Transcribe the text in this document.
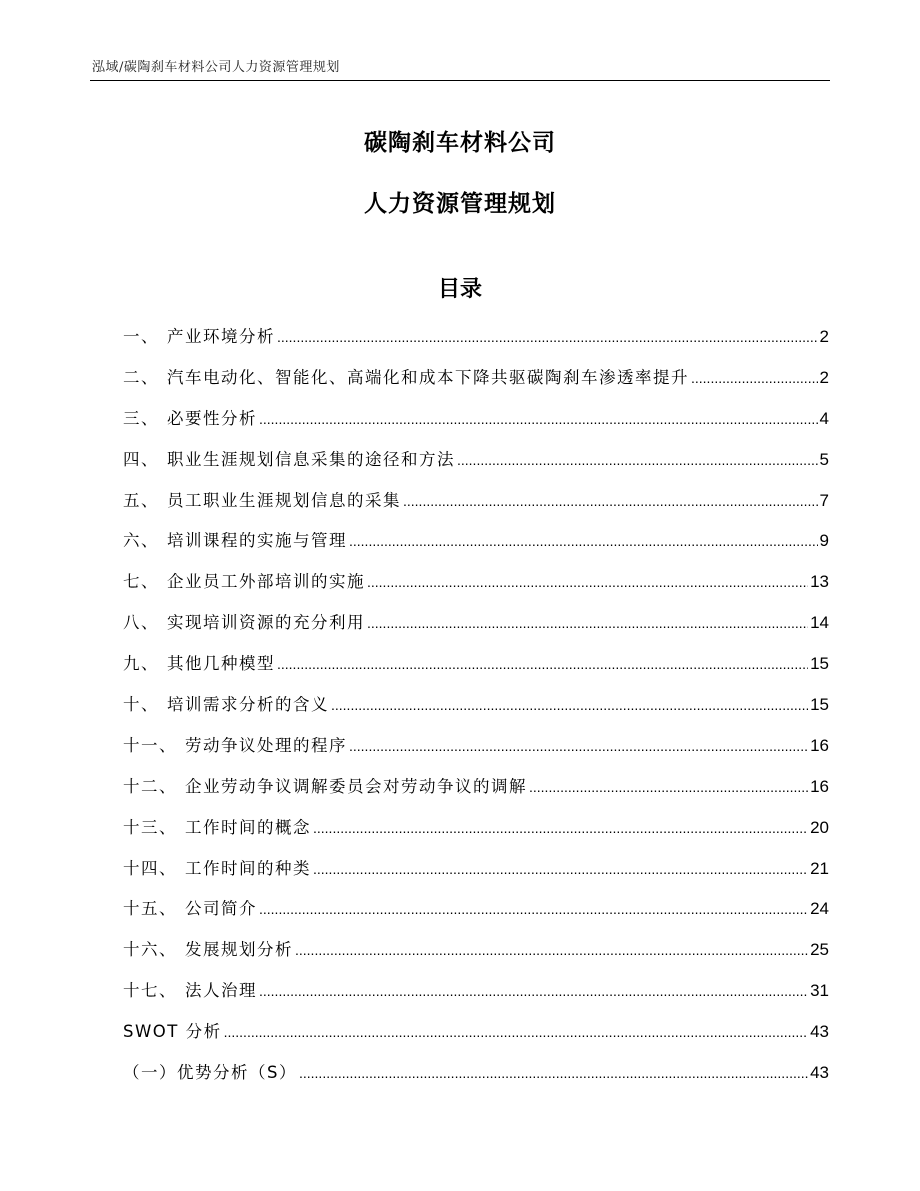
泓域/碳陶刹车材料公司人力资源管理规划
碳陶刹车材料公司
人力资源管理规划
目录
一、 产业环境分析 .....	2
二、 汽车电动化、智能化、高端化和成本下降共驱碳陶刹车渗透率提升 .....	2
三、 必要性分析 .....	4
四、 职业生涯规划信息采集的途径和方法 .....	5
五、 员工职业生涯规划信息的采集 .....	7
六、 培训课程的实施与管理 .....	9
七、 企业员工外部培训的实施 .....	13
八、 实现培训资源的充分利用 .....	14
九、 其他几种模型 .....	15
十、 培训需求分析的含义 .....	15
十一、 劳动争议处理的程序 .....	16
十二、 企业劳动争议调解委员会对劳动争议的调解 .....	16
十三、 工作时间的概念 .....	20
十四、 工作时间的种类 .....	21
十五、 公司简介 .....	24
十六、 发展规划分析 .....	25
十七、 法人治理 .....	31
SWOT 分析 .....	43
（一）优势分析（S） .....	43
